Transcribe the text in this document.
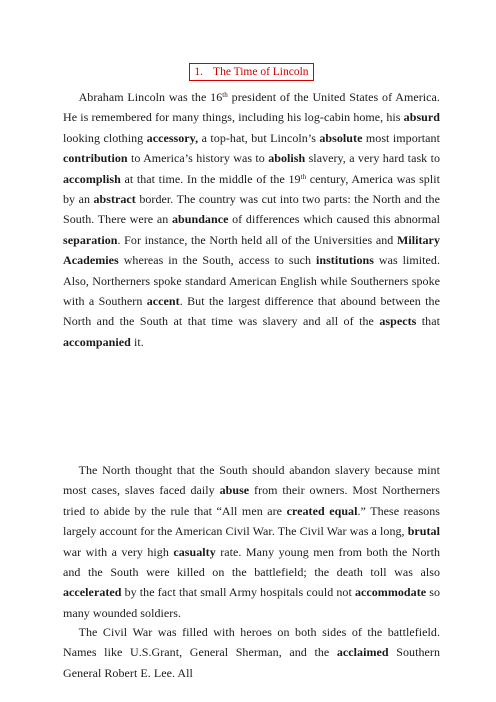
1. The Time of Lincoln

Abraham Lincoln was the 16th president of the United States of America. He is remembered for many things, including his log-cabin home, his absurd looking clothing accessory, a top-hat, but Lincoln’s absolute most important contribution to America’s history was to abolish slavery, a very hard task to accomplish at that time. In the middle of the 19th century, America was split by an abstract border. The country was cut into two parts: the North and the South. There were an abundance of differences which caused this abnormal separation. For instance, the North held all of the Universities and Military Academies whereas in the South, access to such institutions was limited. Also, Northerners spoke standard American English while Southerners spoke with a Southern accent. But the largest difference that abound between the North and the South at that time was slavery and all of the aspects that accompanied it.

The North thought that the South should abandon slavery because mint most cases, slaves faced daily abuse from their owners. Most Northerners tried to abide by the rule that “All men are created equal.” These reasons largely account for the American Civil War. The Civil War was a long, brutal war with a very high casualty rate. Many young men from both the North and the South were killed on the battlefield; the death toll was also accelerated by the fact that small Army hospitals could not accommodate so many wounded soldiers.

The Civil War was filled with heroes on both sides of the battlefield. Names like U.S.Grant, General Sherman, and the acclaimed Southern General Robert E. Lee. All
